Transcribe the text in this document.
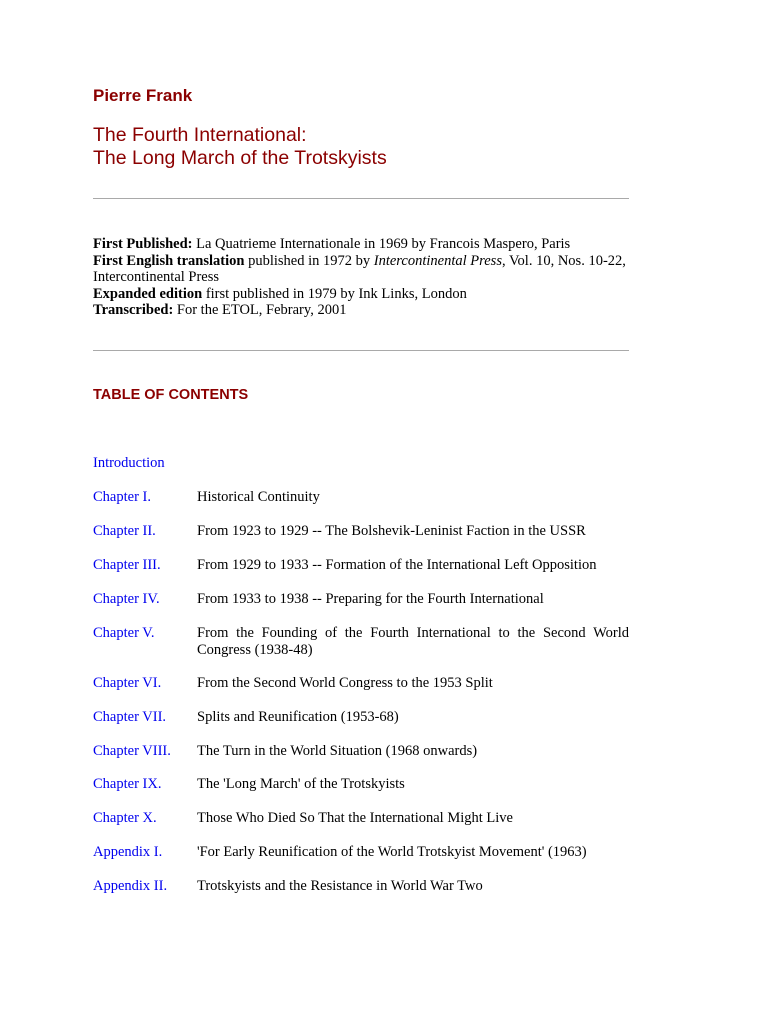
Pierre Frank
The Fourth International:
The Long March of the Trotskyists

First Published: La Quatrieme Internationale in 1969 by Francois Maspero, Paris

First English translation published in 1972 by Intercontinental Press, Vol. 10, Nos. 10-22, Intercontinental Press

Expanded edition first published in 1979 by Ink Links, London

Transcribed: For the ETOL, Febrary, 2001

TABLE OF CONTENTS
Introduction
Chapter I.	Historical Continuity
Chapter II.	From 1923 to 1929 -- The Bolshevik-Leninist Faction in the USSR
Chapter III.	From 1929 to 1933 -- Formation of the International Left Opposition
Chapter IV.	From 1933 to 1938 -- Preparing for the Fourth International
Chapter V.	From the Founding of the Fourth International to the Second World Congress (1938-48)
Chapter VI. From the Second World Congress to the 1953 Split
Chapter VII. Splits and Reunification (1953-68)
Chapter VIII. The Turn in the World Situation (1968 onwards)
Chapter IX. The 'Long March' of the Trotskyists
Chapter X.	Those Who Died So That the International Might Live
Appendix I. 'For Early Reunification of the World Trotskyist Movement' (1963)
Appendix II. Trotskyists and the Resistance in World War Two
